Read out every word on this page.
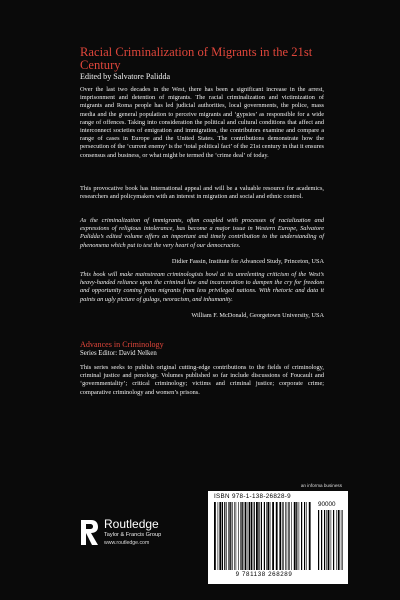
Racial Criminalization of Migrants in the 21st Century

Edited by Salvatore Palidda

Over the last two decades in the West, there has been a significant increase in the arrest, imprisonment and detention of migrants. The racial criminalization and victimization of migrants and Roma people has led judicial authorities, local governments, the police, mass media and the general population to perceive migrants and ‘gypsies’ as responsible for a wide range of offences. Taking into consideration the political and cultural conditions that affect and interconnect societies of emigration and immigration, the contributors examine and compare a range of cases in Europe and the United States. The contributions demonstrate how the persecution of the ‘current enemy’ is the ‘total political fact’ of the 21st century in that it ensures consensus and business, or what might be termed the ‘crime deal’ of today.

This provocative book has international appeal and will be a valuable resource for academics, researchers and policymakers with an interest in migration and social and ethnic control.

As the criminalization of immigrants, often coupled with processes of racialization and expressions of religious intolerance, has become a major issue in Western Europe, Salvatore Palidda’s edited volume offers an important and timely contribution to the understanding of phenomena which put to test the very heart of our democracies.

Didier Fassin, Institute for Advanced Study, Princeton, USA

This book will make mainstream criminologists howl at its unrelenting criticism of the West’s heavy-handed reliance upon the criminal law and incarceration to dampen the cry for freedom and opportunity coming from migrants from less privileged nations. With rhetoric and data it paints an ugly picture of gulags, neoracism, and inhumanity.

William F. McDonald, Georgetown University, USA

Advances in Criminology

Series Editor: David Nelken

This series seeks to publish original cutting-edge contributions to the fields of criminology, criminal justice and penology. Volumes published so far include discussions of Foucault and ‘governmentality’; critical criminology; victims and criminal justice; corporate crime; comparative criminology and women’s prisons.

an informa business
ISBN 978-1-138-26828-9
90000
9 781138 268289
Routledge
Taylor & Francis Group
www.routledge.com
